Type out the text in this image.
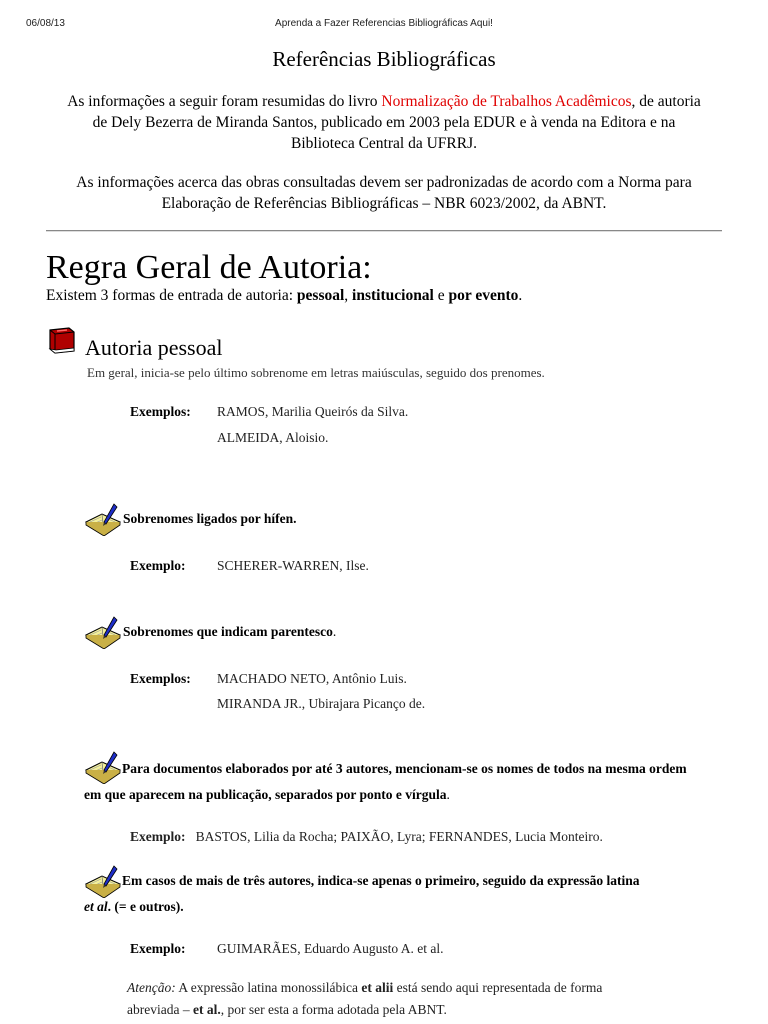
06/08/13	Aprenda a Fazer Referencias Bibliográficas Aqui!
Referências Bibliográficas
As informações a seguir foram resumidas do livro Normalização de Trabalhos Acadêmicos, de autoria de Dely Bezerra de Miranda Santos, publicado em 2003 pela EDUR e à venda na Editora e na Biblioteca Central da UFRRJ.
As informações acerca das obras consultadas devem ser padronizadas de acordo com a Norma para Elaboração de Referências Bibliográficas – NBR 6023/2002, da ABNT.
Regra Geral de Autoria:
Existem 3 formas de entrada de autoria: pessoal, institucional e por evento.
Autoria pessoal
Em geral, inicia-se pelo último sobrenome em letras maiúsculas, seguido dos prenomes.
Exemplos: RAMOS, Marilia Queirós da Silva.
ALMEIDA, Aloisio.
Sobrenomes ligados por hífen.
Exemplo: SCHERER-WARREN, Ilse.
Sobrenomes que indicam parentesco.
Exemplos: MACHADO NETO, Antônio Luis.
MIRANDA JR., Ubirajara Picanço de.
Para documentos elaborados por até 3 autores, mencionam-se os nomes de todos na mesma ordem em que aparecem na publicação, separados por ponto e vírgula.
Exemplo: BASTOS, Lilia da Rocha; PAIXÃO, Lyra; FERNANDES, Lucia Monteiro.
Em casos de mais de três autores, indica-se apenas o primeiro, seguido da expressão latina et al. (= e outros).
Exemplo: GUIMARÃES, Eduardo Augusto A. et al.
Atenção: A expressão latina monossilábica et alii está sendo aqui representada de forma abreviada – et al., por ser esta a forma adotada pela ABNT.
